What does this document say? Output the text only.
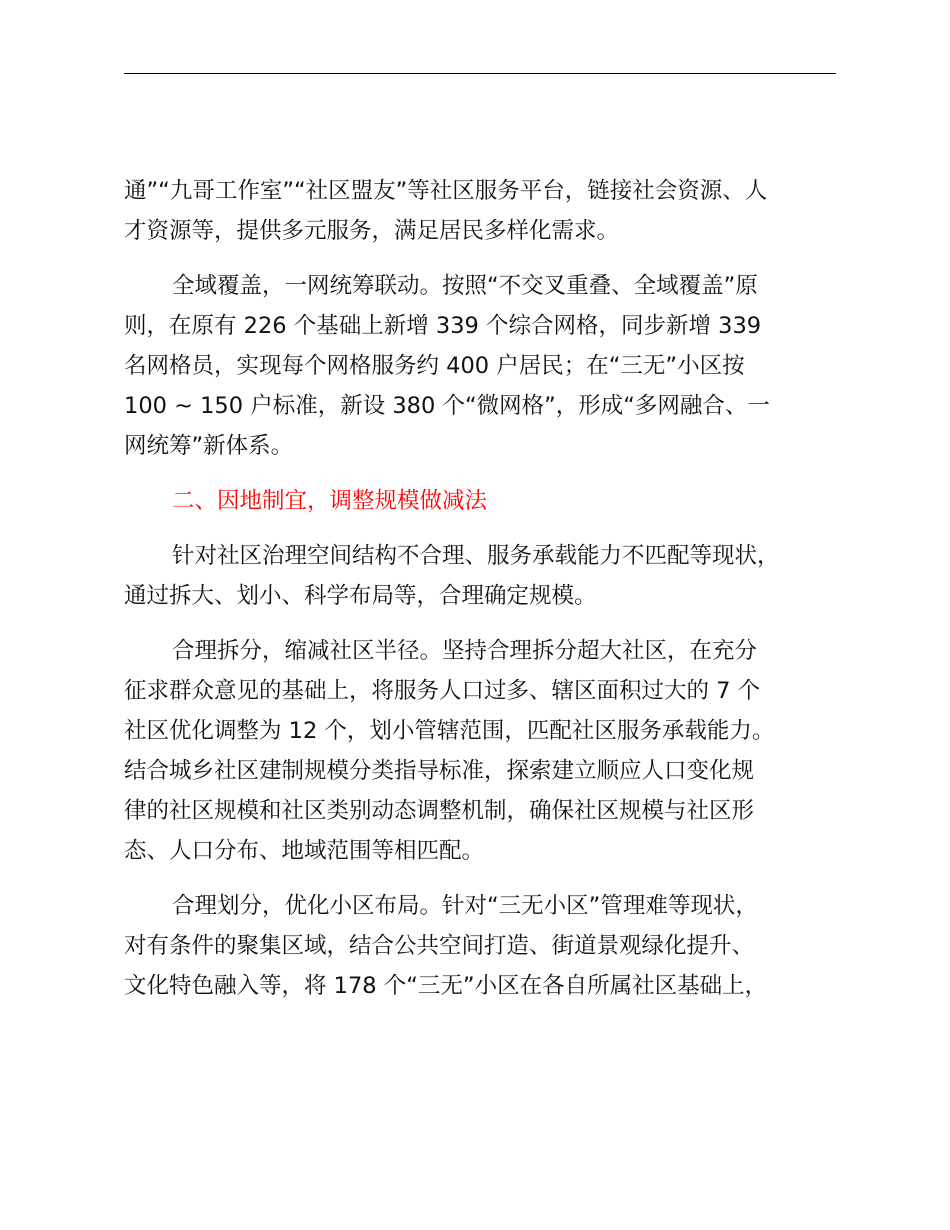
通”“九哥工作室”“社区盟友”等社区服务平台，链接社会资源、人
才资源等，提供多元服务，满足居民多样化需求。

全域覆盖，一网统筹联动。按照“不交叉重叠、全域覆盖”原
则，在原有 226 个基础上新增 339 个综合网格，同步新增 339
名网格员，实现每个网格服务约 400 户居民；在“三无”小区按
100 ~ 150 户标准，新设 380 个“微网格”，形成“多网融合、一
网统筹”新体系。

二、因地制宜，调整规模做减法

针对社区治理空间结构不合理、服务承载能力不匹配等现状，
通过拆大、划小、科学布局等，合理确定规模。

合理拆分，缩减社区半径。坚持合理拆分超大社区，在充分
征求群众意见的基础上，将服务人口过多、辖区面积过大的 7 个
社区优化调整为 12 个，划小管辖范围，匹配社区服务承载能力。
结合城乡社区建制规模分类指导标准，探索建立顺应人口变化规
律的社区规模和社区类别动态调整机制，确保社区规模与社区形
态、人口分布、地域范围等相匹配。

合理划分，优化小区布局。针对“三无小区”管理难等现状，
对有条件的聚集区域，结合公共空间打造、街道景观绿化提升、
文化特色融入等，将 178 个“三无”小区在各自所属社区基础上，
